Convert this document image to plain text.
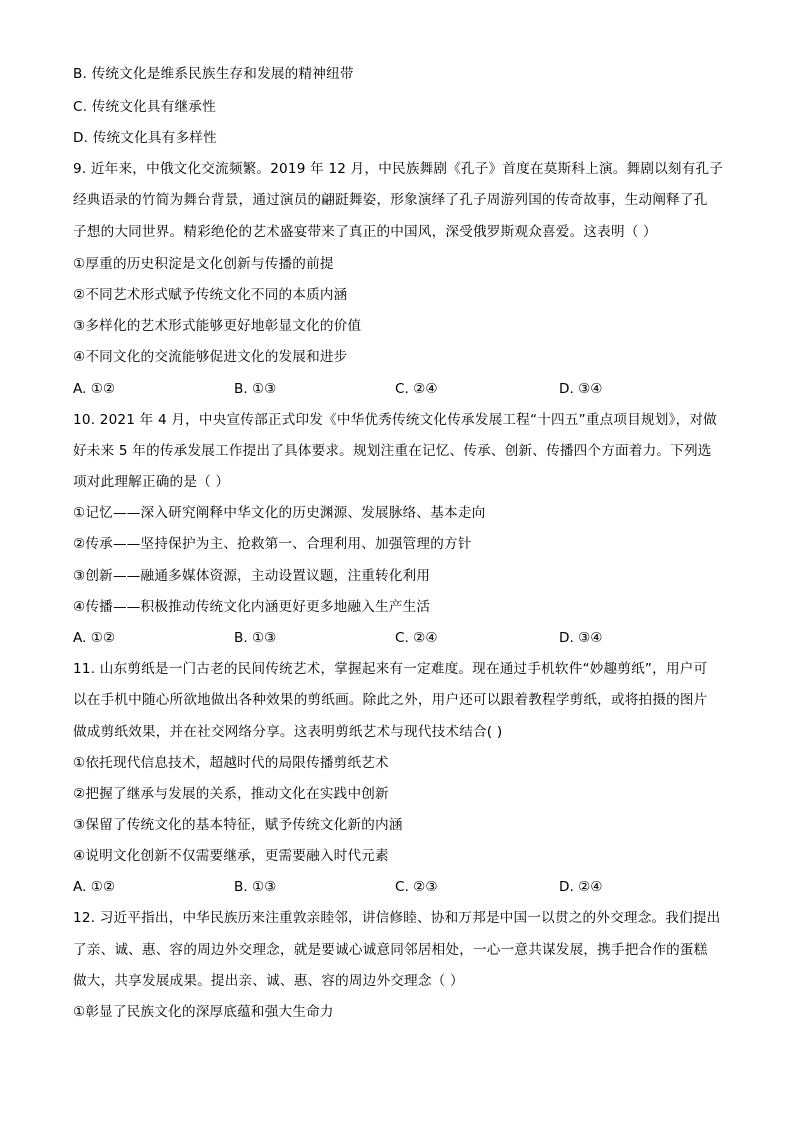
B. 传统文化是维系民族生存和发展的精神纽带
C. 传统文化具有继承性
D. 传统文化具有多样性
9. 近年来，中俄文化交流频繁。2019 年 12 月，中民族舞剧《孔子》首度在莫斯科上演。舞剧以刻有孔子
经典语录的竹简为舞台背景，通过演员的翩跹舞姿，形象演绎了孔子周游列国的传奇故事，生动阐释了孔
子想的大同世界。精彩绝伦的艺术盛宴带来了真正的中国风，深受俄罗斯观众喜爱。这表明（ ）
①厚重的历史积淀是文化创新与传播的前提
②不同艺术形式赋予传统文化不同的本质内涵
③多样化的艺术形式能够更好地彰显文化的价值
④不同文化的交流能够促进文化的发展和进步
A. ①②	B. ①③	C. ②④	D. ③④
10. 2021 年 4 月，中央宣传部正式印发《中华优秀传统文化传承发展工程“十四五”重点项目规划》，对做
好未来 5 年的传承发展工作提出了具体要求。规划注重在记忆、传承、创新、传播四个方面着力。下列选
项对此理解正确的是（ ）
①记忆——深入研究阐释中华文化的历史渊源、发展脉络、基本走向
②传承——坚持保护为主、抢救第一、合理利用、加强管理的方针
③创新——融通多媒体资源，主动设置议题，注重转化利用
④传播——积极推动传统文化内涵更好更多地融入生产生活
A. ①②	B. ①③	C. ②④	D. ③④
11. 山东剪纸是一门古老的民间传统艺术，掌握起来有一定难度。现在通过手机软件“妙趣剪纸”，用户可
以在手机中随心所欲地做出各种效果的剪纸画。除此之外，用户还可以跟着教程学剪纸，或将拍摄的图片
做成剪纸效果，并在社交网络分享。这表明剪纸艺术与现代技术结合( )
①依托现代信息技术，超越时代的局限传播剪纸艺术
②把握了继承与发展的关系，推动文化在实践中创新
③保留了传统文化的基本特征，赋予传统文化新的内涵
④说明文化创新不仅需要继承，更需要融入时代元素
A. ①②	B. ①③	C. ②③	D. ②④
12. 习近平指出，中华民族历来注重敦亲睦邻，讲信修睦、协和万邦是中国一以贯之的外交理念。我们提出
了亲、诚、惠、容的周边外交理念，就是要诚心诚意同邻居相处，一心一意共谋发展，携手把合作的蛋糕
做大，共享发展成果。提出亲、诚、惠、容的周边外交理念（ ）
①彰显了民族文化的深厚底蕴和强大生命力
